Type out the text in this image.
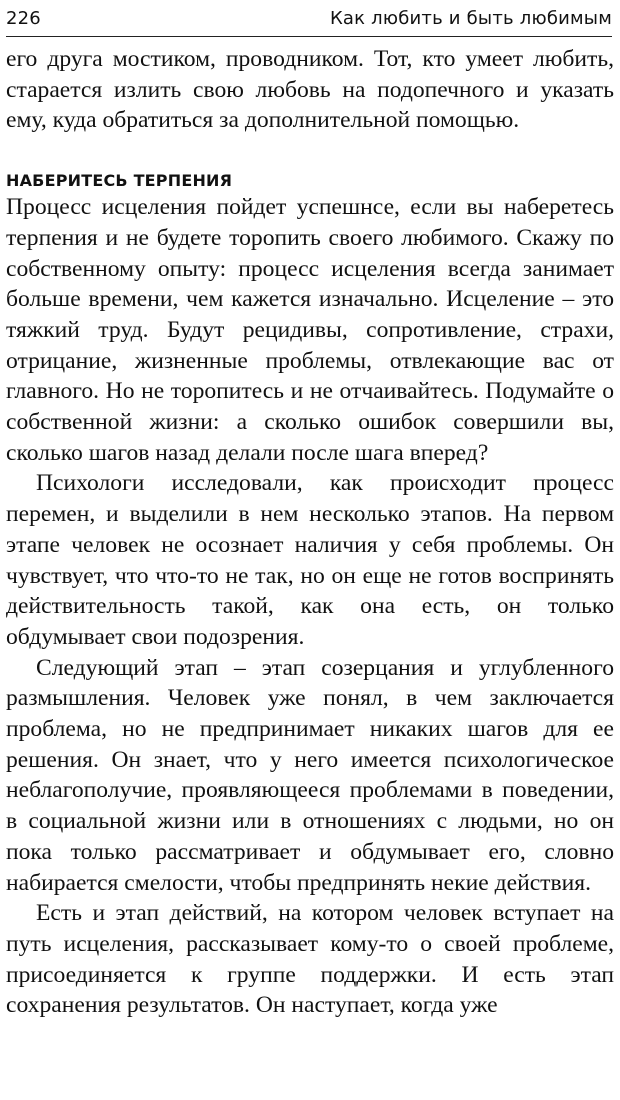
226	Как любить и быть любимым

его друга мостиком, проводником. Тот, кто умеет любить, старается излить свою любовь на подопечного и указать ему, куда обратиться за дополнительной помощью.

НАБЕРИТЕСЬ ТЕРПЕНИЯ

Процесс исцеления пойдет успешнсе, если вы наберетесь терпения и не будете торопить своего любимого. Скажу по собственному опыту: процесс исцеления всегда занимает больше времени, чем кажется изначально. Исцеление – это тяжкий труд. Будут рецидивы, сопротивление, страхи, отрицание, жизненные проблемы, отвлекающие вас от главного. Но не торопитесь и не отчаивайтесь. Подумайте о собственной жизни: а сколько ошибок совершили вы, сколько шагов назад делали после шага вперед?

Психологи исследовали, как происходит процесс перемен, и выделили в нем несколько этапов. На первом этапе человек не осознает наличия у себя проблемы. Он чувствует, что что-то не так, но он еще не готов воспринять действительность такой, как она есть, он только обдумывает свои подозрения.

Следующий этап – этап созерцания и углубленного размышления. Человек уже понял, в чем заключается проблема, но не предпринимает никаких шагов для ее решения. Он знает, что у него имеется психологическое неблагополучие, проявляющееся проблемами в поведении, в социальной жизни или в отношениях с людьми, но он пока только рассматривает и обдумывает его, словно набирается смелости, чтобы предпринять некие действия.

Есть и этап действий, на котором человек вступает на путь исцеления, рассказывает кому-то о своей проблеме, присоединяется к группе поддержки. И есть этап сохранения результатов. Он наступает, когда уже
